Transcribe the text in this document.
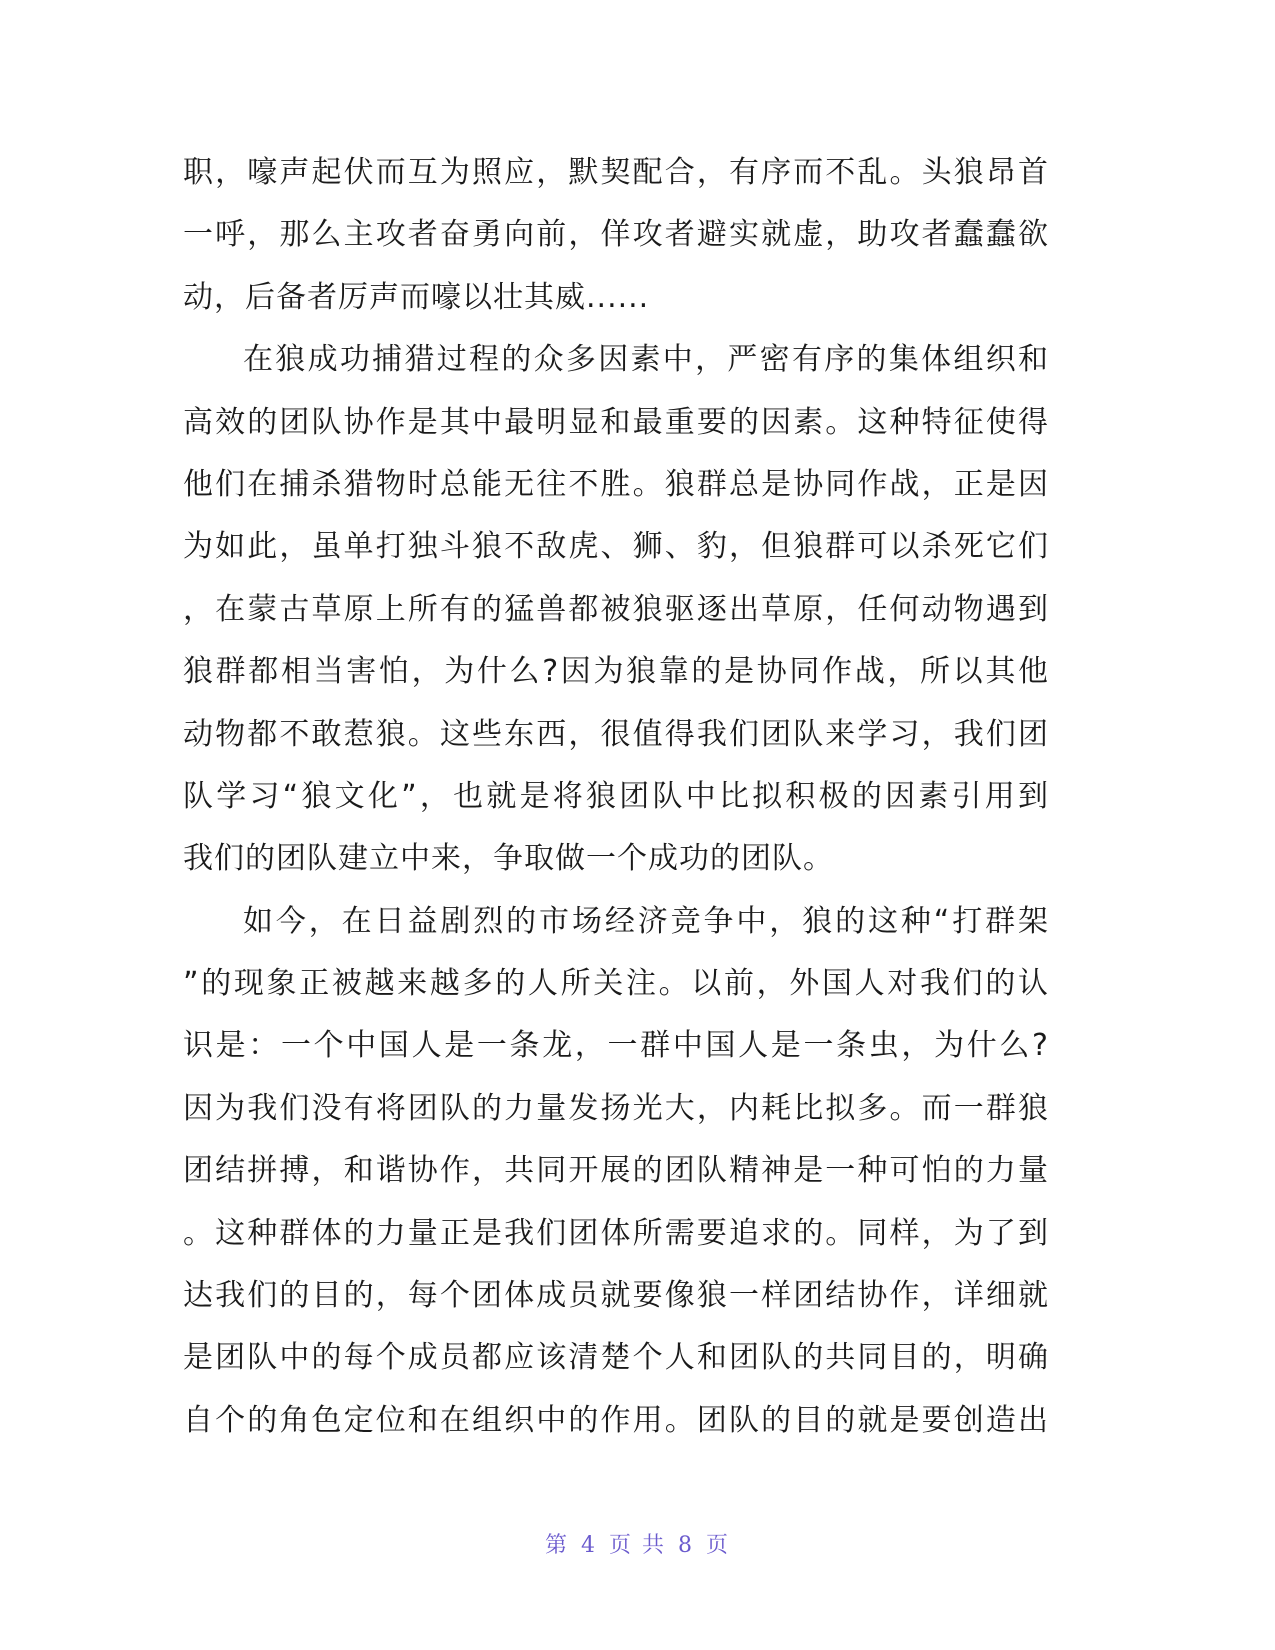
职，嚎声起伏而互为照应，默契配合，有序而不乱。头狼昂首
一呼，那么主攻者奋勇向前，佯攻者避实就虚，助攻者蠢蠢欲
动，后备者厉声而嚎以壮其威......
在狼成功捕猎过程的众多因素中，严密有序的集体组织和
高效的团队协作是其中最明显和最重要的因素。这种特征使得
他们在捕杀猎物时总能无往不胜。狼群总是协同作战，正是因
为如此，虽单打独斗狼不敌虎、狮、豹，但狼群可以杀死它们
，在蒙古草原上所有的猛兽都被狼驱逐出草原，任何动物遇到
狼群都相当害怕，为什么?因为狼靠的是协同作战，所以其他
动物都不敢惹狼。这些东西，很值得我们团队来学习，我们团
队学习“狼文化”，也就是将狼团队中比拟积极的因素引用到
我们的团队建立中来，争取做一个成功的团队。
如今，在日益剧烈的市场经济竞争中，狼的这种“打群架
”的现象正被越来越多的人所关注。以前，外国人对我们的认
识是：一个中国人是一条龙，一群中国人是一条虫，为什么?
因为我们没有将团队的力量发扬光大，内耗比拟多。而一群狼
团结拼搏，和谐协作，共同开展的团队精神是一种可怕的力量
。这种群体的力量正是我们团体所需要追求的。同样，为了到
达我们的目的，每个团体成员就要像狼一样团结协作，详细就
是团队中的每个成员都应该清楚个人和团队的共同目的，明确
自个的角色定位和在组织中的作用。团队的目的就是要创造出
第 4 页 共 8 页
